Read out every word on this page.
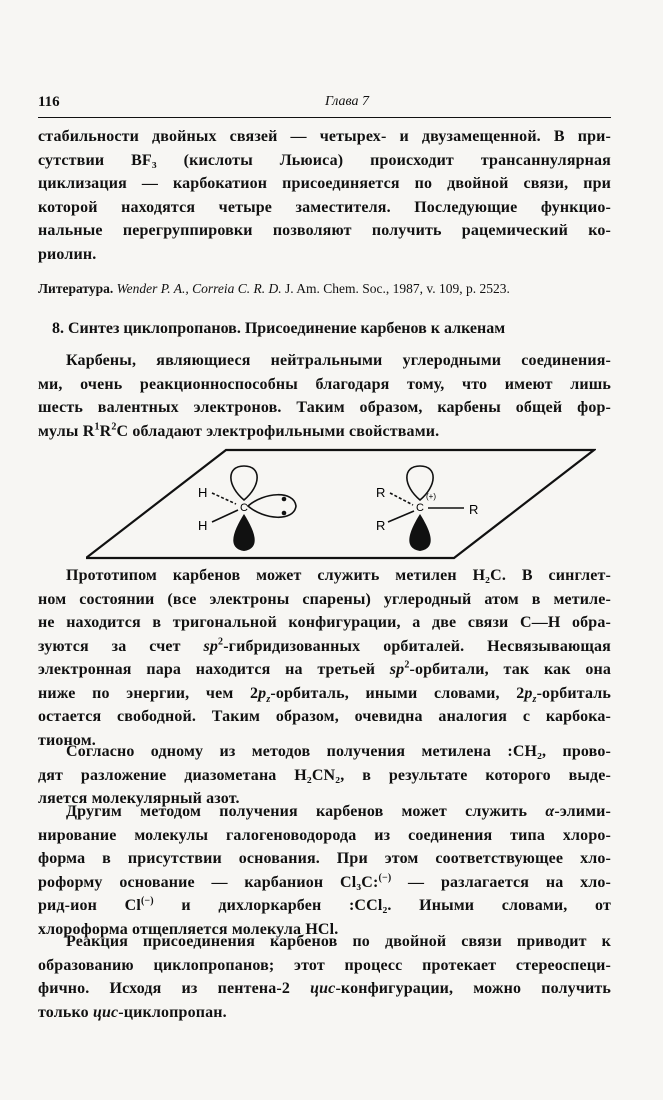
116	Глава 7
стабильности двойных связей — четырех- и двузамещенной. В при-
сутствии BF₃ (кислоты Льюиса) происходит трансаннулярная
циклизация — карбокатион присоединяется по двойной связи, при
которой находятся четыре заместителя. Последующие функцио-
нальные перегруппировки позволяют получить рацемический ко-
риолин.
Литература. Wender P. A., Correia C. R. D. J. Am. Chem. Soc., 1987, v. 109, p. 2523.
8. Синтез циклопропанов. Присоединение карбенов к алкенам
Карбены, являющиеся нейтральными углеродными соединения-
ми, очень реакционноспособны благодаря тому, что имеют лишь
шесть валентных электронов. Таким образом, карбены общей фор-
мулы $R^1R^2C$ обладают электрофильными свойствами.
H
H
C
R
R
R
C
(+)
Прототипом карбенов может служить метилен H₂C. В синглет-
ном состоянии (все электроны спарены) углеродный атом в метиле-
не находится в тригональной конфигурации, а две связи C—H обра-
зуются за счет $sp^2$-гибридизованных орбиталей. Несвязывающая
электронная пара находится на третьей $sp^2$-орбитали, так как она
ниже по энергии, чем $2p_z$-орбиталь, иными словами, $2p_z$-орбиталь
остается свободной. Таким образом, очевидна аналогия с карбока-
тионом.
Согласно одному из методов получения метилена :CH₂, прово-
дят разложение диазометана H₂CN₂, в результате которого выде-
ляется молекулярный азот.
Другим методом получения карбенов может служить α-элими-
нирование молекулы галогеноводорода из соединения типа хлоро-
форма в присутствии основания. При этом соответствующее хло-
роформу основание — карбанион Cl₃C:(−) — разлагается на хло-
рид-ион Cl(−) и дихлоркарбен :CCl₂. Иными словами, от
хлороформа отщепляется молекула HCl.
Реакция присоединения карбенов по двойной связи приводит к
образованию циклопропанов; этот процесс протекает стереоспеци-
фично. Исходя из пентена-2 цис-конфигурации, можно получить
только цис-циклопропан.
